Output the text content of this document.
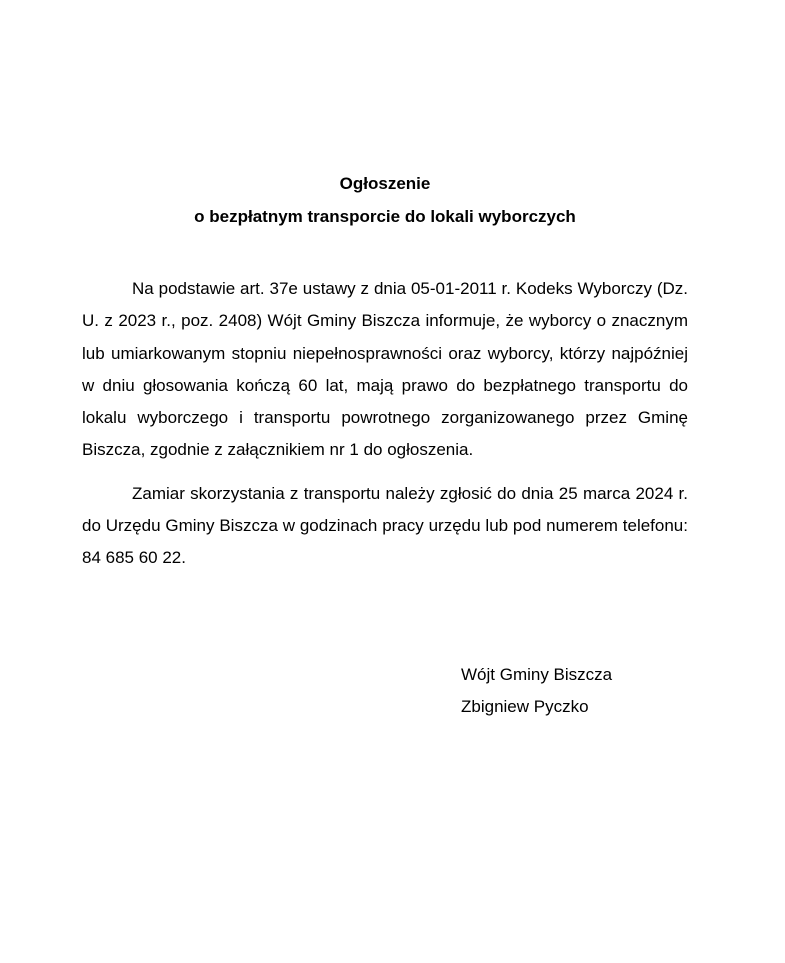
Ogłoszenie
o bezpłatnym transporcie do lokali wyborczych

Na podstawie art. 37e ustawy z dnia 05-01-2011 r. Kodeks Wyborczy (Dz. U. z 2023 r., poz. 2408) Wójt Gminy Biszcza informuje, że wyborcy o znacznym lub umiarkowanym stopniu niepełnosprawności oraz wyborcy, którzy najpóźniej w dniu głosowania kończą 60 lat, mają prawo do bezpłatnego transportu do lokalu wyborczego i transportu powrotnego zorganizowanego przez Gminę Biszcza, zgodnie z załącznikiem nr 1 do ogłoszenia.

Zamiar skorzystania z transportu należy zgłosić do dnia 25 marca 2024 r. do Urzędu Gminy Biszcza w godzinach pracy urzędu lub pod numerem telefonu: 84 685 60 22.

Wójt Gminy Biszcza
Zbigniew Pyczko
